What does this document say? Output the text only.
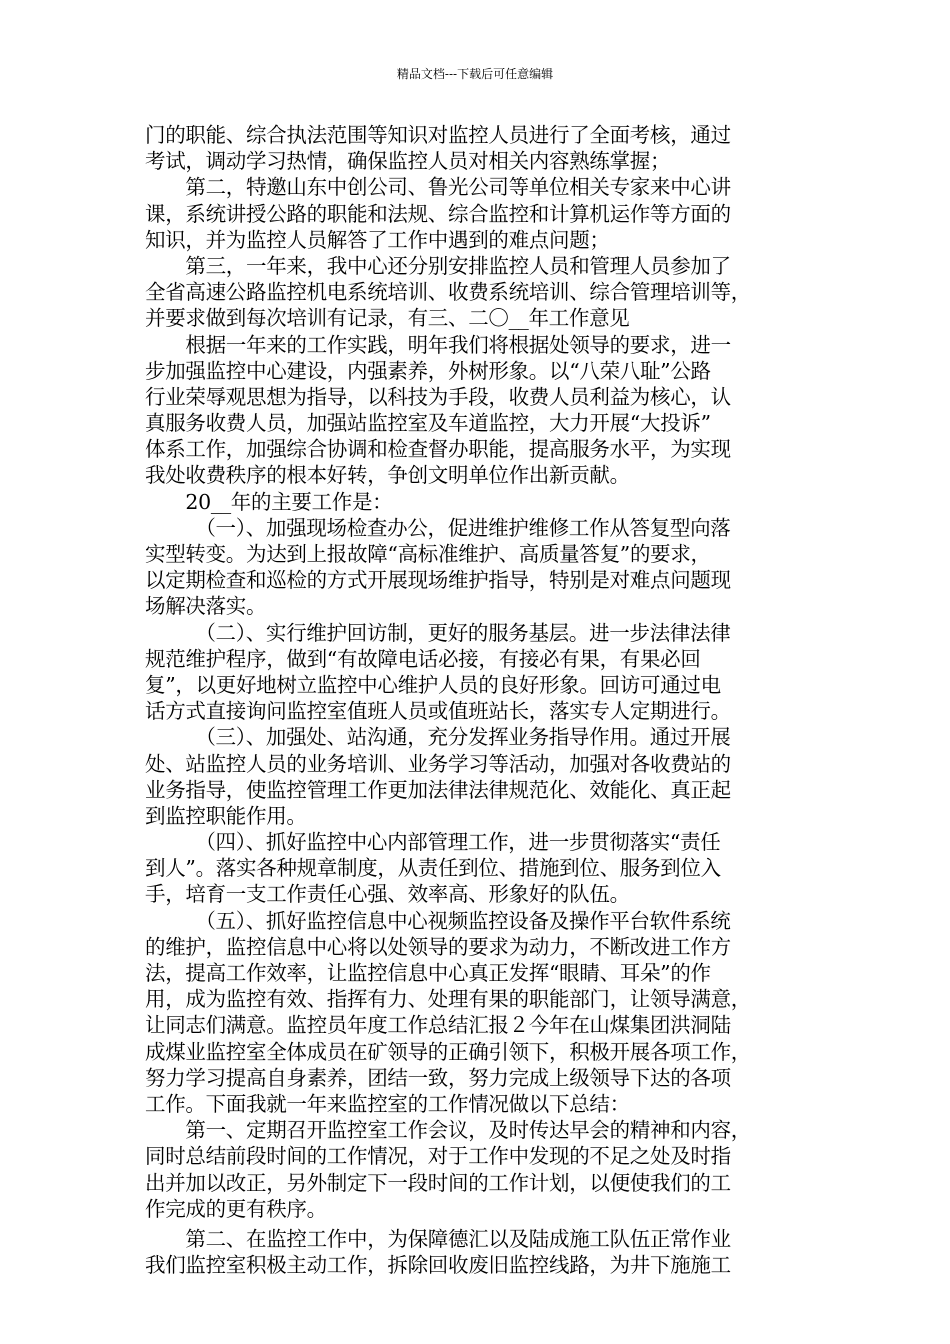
精品文档---下载后可任意编辑
门的职能、综合执法范围等知识对监控人员进行了全面考核，通过
考试，调动学习热情，确保监控人员对相关内容熟练掌握；
　　第二，特邀山东中创公司、鲁光公司等单位相关专家来中心讲
课，系统讲授公路的职能和法规、综合监控和计算机运作等方面的
知识，并为监控人员解答了工作中遇到的难点问题；
　　第三，一年来，我中心还分别安排监控人员和管理人员参加了
全省高速公路监控机电系统培训、收费系统培训、综合管理培训等，
并要求做到每次培训有记录，有三、二〇__年工作意见
　　根据一年来的工作实践，明年我们将根据处领导的要求，进一
步加强监控中心建设，内强素养，外树形象。以“八荣八耻”公路
行业荣辱观思想为指导，以科技为手段，收费人员利益为核心，认
真服务收费人员，加强站监控室及车道监控，大力开展“大投诉”
体系工作，加强综合协调和检查督办职能，提高服务水平，为实现
我处收费秩序的根本好转，争创文明单位作出新贡献。
　　20__年的主要工作是：
　　　（一）、加强现场检查办公，促进维护维修工作从答复型向落
实型转变。为达到上报故障“高标准维护、高质量答复”的要求，
以定期检查和巡检的方式开展现场维护指导，特别是对难点问题现
场解决落实。
　　　（二）、实行维护回访制，更好的服务基层。进一步法律法律
规范维护程序，做到“有故障电话必接，有接必有果，有果必回
复”，以更好地树立监控中心维护人员的良好形象。回访可通过电
话方式直接询问监控室值班人员或值班站长，落实专人定期进行。
　　　（三）、加强处、站沟通，充分发挥业务指导作用。通过开展
处、站监控人员的业务培训、业务学习等活动，加强对各收费站的
业务指导，使监控管理工作更加法律法律规范化、效能化、真正起
到监控职能作用。
　　　（四）、抓好监控中心内部管理工作，进一步贯彻落实“责任
到人”。落实各种规章制度，从责任到位、措施到位、服务到位入
手，培育一支工作责任心强、效率高、形象好的队伍。
　　　（五）、抓好监控信息中心视频监控设备及操作平台软件系统
的维护，监控信息中心将以处领导的要求为动力，不断改进工作方
法，提高工作效率，让监控信息中心真正发挥“眼睛、耳朵”的作
用，成为监控有效、指挥有力、处理有果的职能部门，让领导满意，
让同志们满意。监控员年度工作总结汇报２今年在山煤集团洪洞陆
成煤业监控室全体成员在矿领导的正确引领下，积极开展各项工作，
努力学习提高自身素养，团结一致，努力完成上级领导下达的各项
工作。下面我就一年来监控室的工作情况做以下总结：
　　第一、定期召开监控室工作会议，及时传达早会的精神和内容，
同时总结前段时间的工作情况，对于工作中发现的不足之处及时指
出并加以改正，另外制定下一段时间的工作计划，以便使我们的工
作完成的更有秩序。
　　第二、在监控工作中，为保障德汇以及陆成施工队伍正常作业
我们监控室积极主动工作，拆除回收废旧监控线路，为井下施施工
